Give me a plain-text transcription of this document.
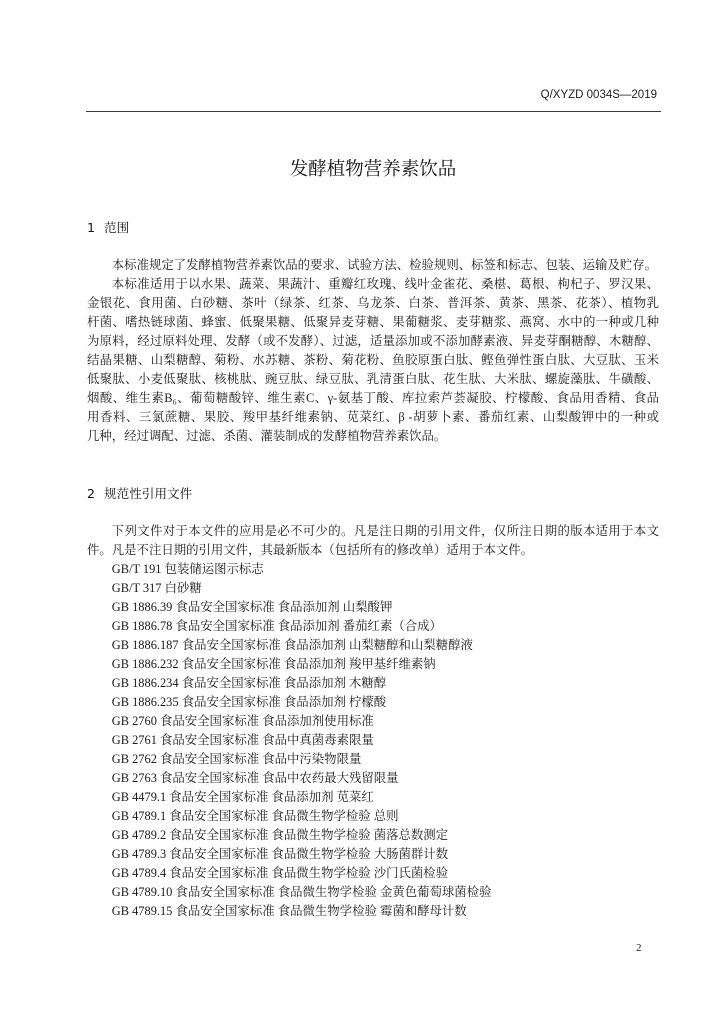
Q/XYZD 0034S—2019
发酵植物营养素饮品
1 范围
本标准规定了发酵植物营养素饮品的要求、试验方法、检验规则、标签和标志、包装、运输及贮存。
本标准适用于以水果、蔬菜、果蔬汁、重瓣红玫瑰、线叶金雀花、桑椹、葛根、枸杞子、罗汉果、
金银花、食用菌、白砂糖、茶叶（绿茶、红茶、乌龙茶、白茶、普洱茶、黄茶、黑茶、花茶）、植物乳
杆菌、嗜热链球菌、蜂蜜、低聚果糖、低聚异麦芽糖、果葡糖浆、麦芽糖浆、燕窝、水中的一种或几种
为原料，经过原料处理、发酵（或不发酵）、过滤，适量添加或不添加酵素液、异麦芽酮糖醇、木糖醇、
结晶果糖、山梨糖醇、菊粉、水苏糖、茶粉、菊花粉、鱼胶原蛋白肽、鲣鱼弹性蛋白肽、大豆肽、玉米
低聚肽、小麦低聚肽、核桃肽、豌豆肽、绿豆肽、乳清蛋白肽、花生肽、大米肽、螺旋藻肽、牛磺酸、
烟酸、维生素B₆、葡萄糖酸锌、维生素C、γ-氨基丁酸、库拉索芦荟凝胶、柠檬酸、食品用香精、食品
用香料、三氯蔗糖、果胶、羧甲基纤维素钠、苋菜红、β -胡萝卜素、番茄红素、山梨酸钾中的一种或
几种，经过调配、过滤、杀菌、灌装制成的发酵植物营养素饮品。
2 规范性引用文件
下列文件对于本文件的应用是必不可少的。凡是注日期的引用文件，仅所注日期的版本适用于本文
件。凡是不注日期的引用文件，其最新版本（包括所有的修改单）适用于本文件。
GB/T 191 包装储运图示标志
GB/T 317 白砂糖
GB 1886.39 食品安全国家标准 食品添加剂 山梨酸钾
GB 1886.78 食品安全国家标准 食品添加剂 番茄红素（合成）
GB 1886.187 食品安全国家标准 食品添加剂 山梨糖醇和山梨糖醇液
GB 1886.232 食品安全国家标准 食品添加剂 羧甲基纤维素钠
GB 1886.234 食品安全国家标准 食品添加剂 木糖醇
GB 1886.235 食品安全国家标准 食品添加剂 柠檬酸
GB 2760 食品安全国家标准 食品添加剂使用标准
GB 2761 食品安全国家标准 食品中真菌毒素限量
GB 2762 食品安全国家标准 食品中污染物限量
GB 2763 食品安全国家标准 食品中农药最大残留限量
GB 4479.1 食品安全国家标准 食品添加剂 苋菜红
GB 4789.1 食品安全国家标准 食品微生物学检验 总则
GB 4789.2 食品安全国家标准 食品微生物学检验 菌落总数测定
GB 4789.3 食品安全国家标准 食品微生物学检验 大肠菌群计数
GB 4789.4 食品安全国家标准 食品微生物学检验 沙门氏菌检验
GB 4789.10 食品安全国家标准 食品微生物学检验 金黄色葡萄球菌检验
GB 4789.15 食品安全国家标准 食品微生物学检验 霉菌和酵母计数
2
